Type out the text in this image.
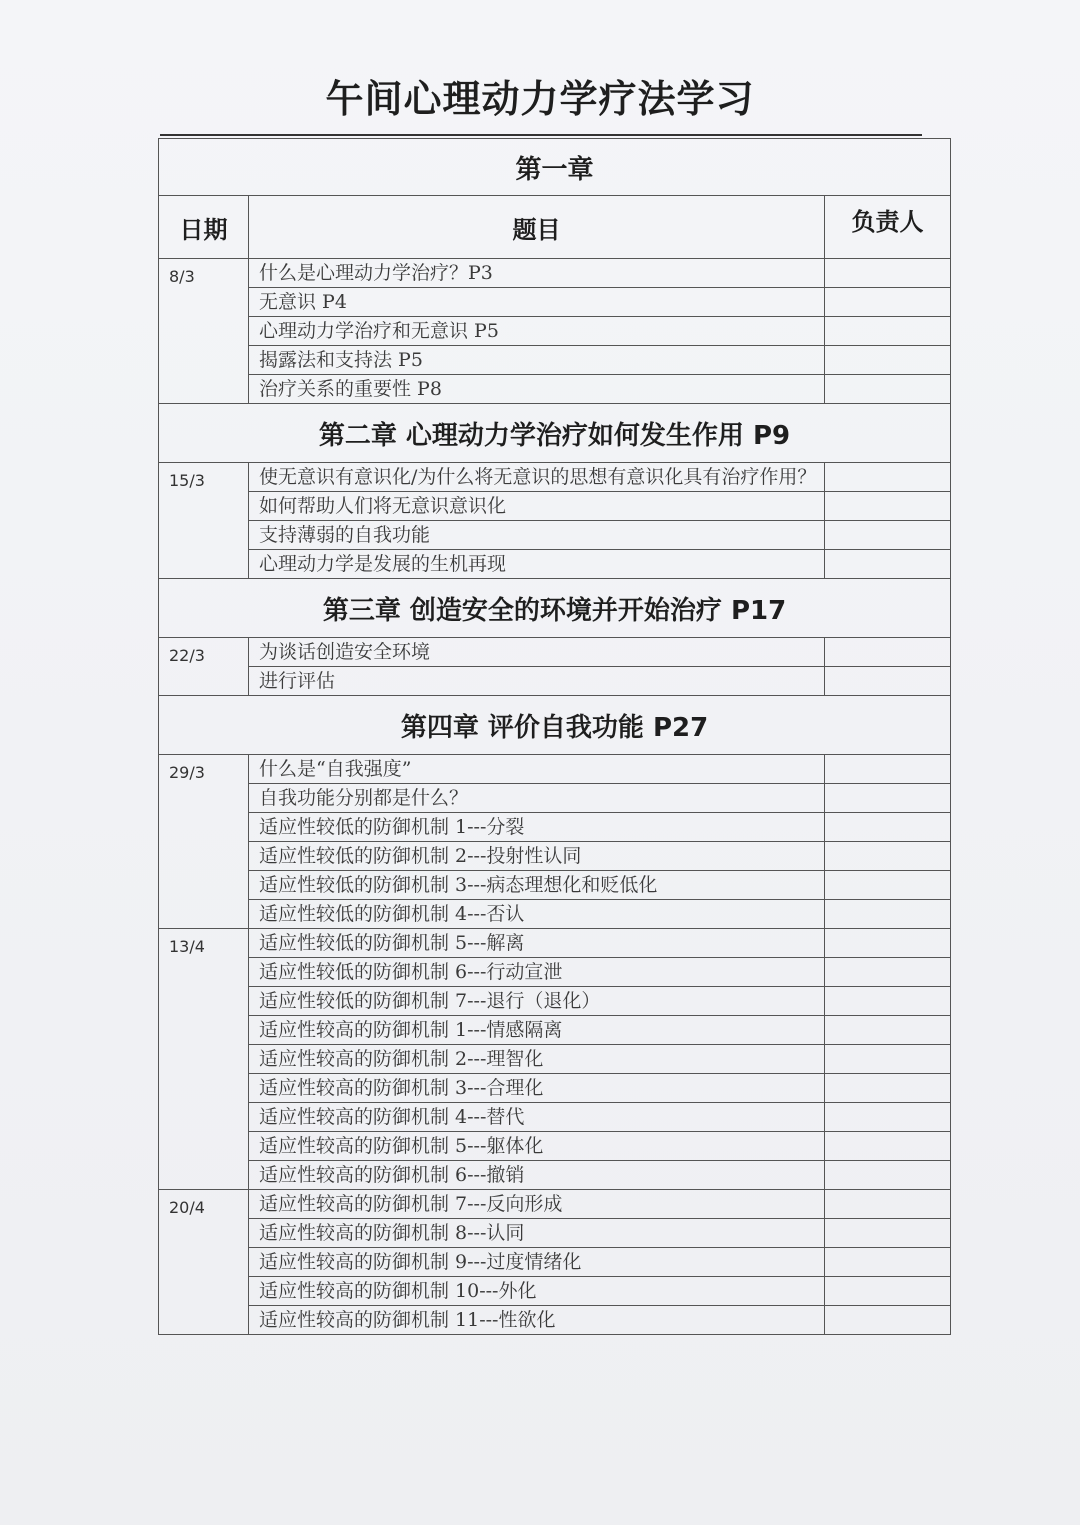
午间心理动力学疗法学习
第一章		
日期	题目	负责人
8/3	什么是心理动力学治疗？P3	
	无意识 P4	
	心理动力学治疗和无意识 P5	
	揭露法和支持法 P5	
	治疗关系的重要性 P8	
第二章 心理动力学治疗如何发生作用 P9		
15/3	使无意识有意识化/为什么将无意识的思想有意识化具有治疗作用？	
	如何帮助人们将无意识意识化	
	支持薄弱的自我功能	
	心理动力学是发展的生机再现	
第三章 创造安全的环境并开始治疗 P17		
22/3	为谈话创造安全环境	
	进行评估	
第四章 评价自我功能 P27		
29/3	什么是“自我强度”	
	自我功能分别都是什么？	
	适应性较低的防御机制 1---分裂	
	适应性较低的防御机制 2---投射性认同	
	适应性较低的防御机制 3---病态理想化和贬低化	
	适应性较低的防御机制 4---否认	
13/4	适应性较低的防御机制 5---解离	
	适应性较低的防御机制 6---行动宣泄	
	适应性较低的防御机制 7---退行（退化）	
	适应性较高的防御机制 1---情感隔离	
	适应性较高的防御机制 2---理智化	
	适应性较高的防御机制 3---合理化	
	适应性较高的防御机制 4---替代	
	适应性较高的防御机制 5---躯体化	
	适应性较高的防御机制 6---撤销	
20/4	适应性较高的防御机制 7---反向形成	
	适应性较高的防御机制 8---认同	
	适应性较高的防御机制 9---过度情绪化	
	适应性较高的防御机制 10---外化	
	适应性较高的防御机制 11---性欲化	
